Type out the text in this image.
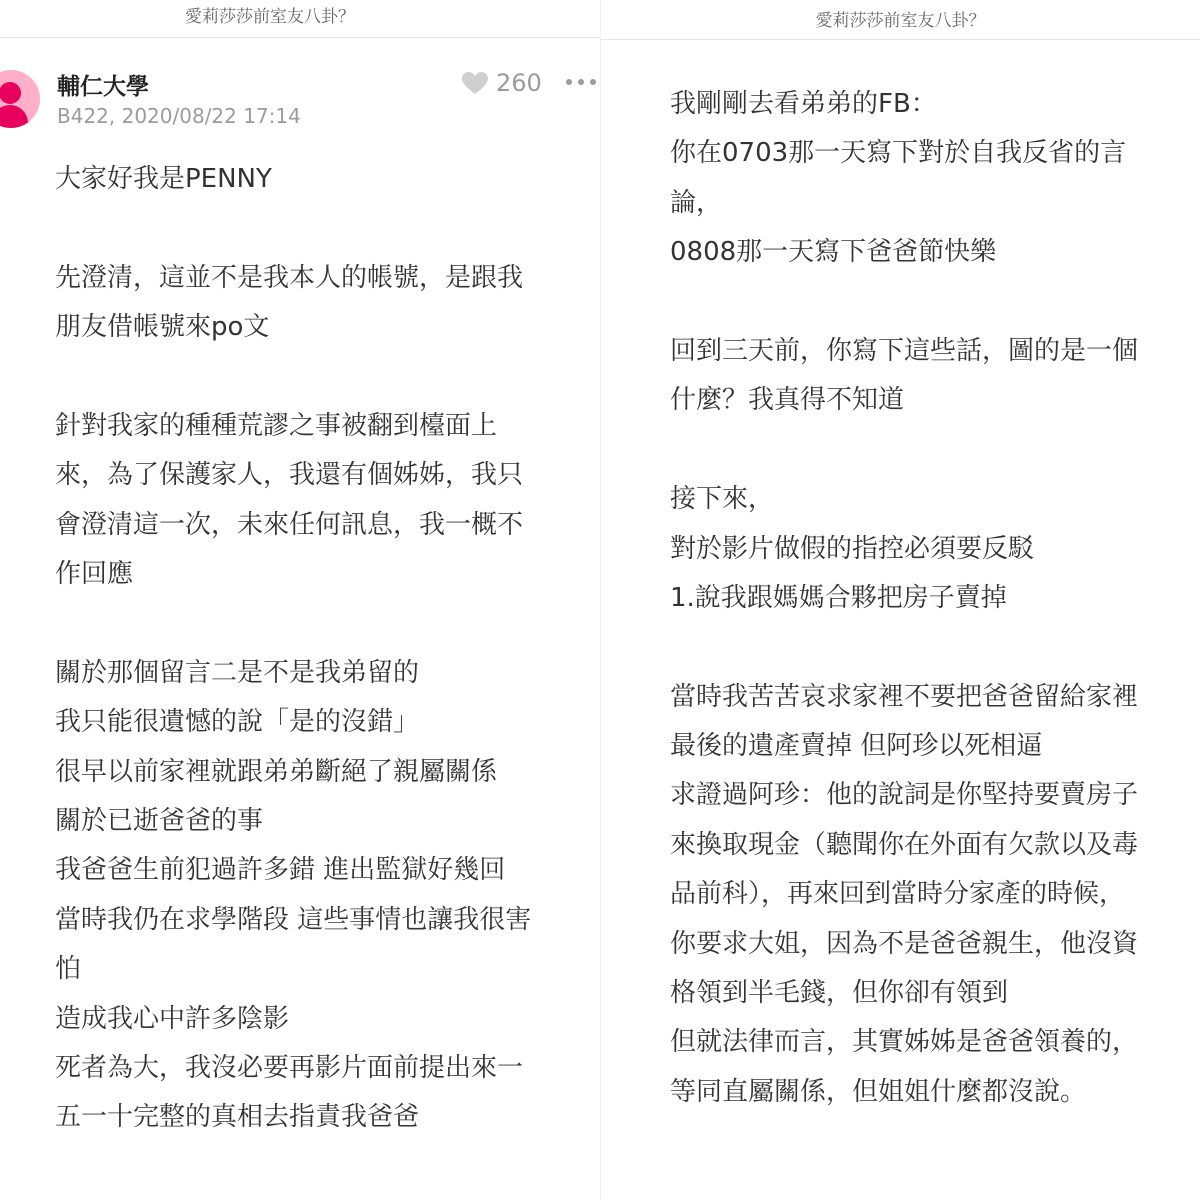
愛莉莎莎前室友八卦？
輔仁大學
B422, 2020/08/22 17:14
260
大家好我是PENNY
先澄清，這並不是我本人的帳號，是跟我
朋友借帳號來po文
針對我家的種種荒謬之事被翻到檯面上
來，為了保護家人，我還有個姊姊，我只
會澄清這一次，未來任何訊息，我一概不
作回應
關於那個留言二是不是我弟留的
我只能很遺憾的說「是的沒錯」
很早以前家裡就跟弟弟斷絕了親屬關係
關於已逝爸爸的事
我爸爸生前犯過許多錯 進出監獄好幾回
當時我仍在求學階段 這些事情也讓我很害
怕
造成我心中許多陰影
死者為大，我沒必要再影片面前提出來一
五一十完整的真相去指責我爸爸
愛莉莎莎前室友八卦？
我剛剛去看弟弟的FB：
你在0703那一天寫下對於自我反省的言
論，
0808那一天寫下爸爸節快樂
回到三天前，你寫下這些話，圖的是一個
什麼？我真得不知道
接下來，
對於影片做假的指控必須要反駁
1.說我跟媽媽合夥把房子賣掉
當時我苦苦哀求家裡不要把爸爸留給家裡
最後的遺產賣掉 但阿珍以死相逼
求證過阿珍：他的說詞是你堅持要賣房子
來換取現金（聽聞你在外面有欠款以及毒
品前科），再來回到當時分家產的時候，
你要求大姐，因為不是爸爸親生，他沒資
格領到半毛錢，但你卻有領到
但就法律而言，其實姊姊是爸爸領養的，
等同直屬關係，但姐姐什麼都沒說。
